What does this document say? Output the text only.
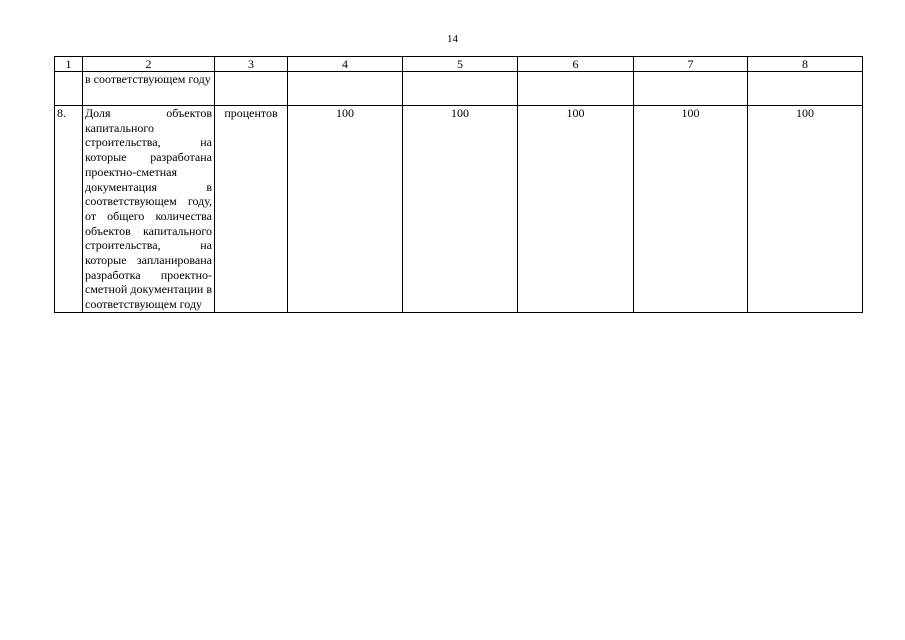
14
1	2	3	4	5	6	7	8
	в соответствующем году						
8.	Доля объектов капитального строительства, на которые разработана проектно-сметная документация в соответствующем году, от общего количества объектов капитального строительства, на которые запланирована разработка проектно-сметной документации в соответствующем году	процентов	100	100	100	100	100
